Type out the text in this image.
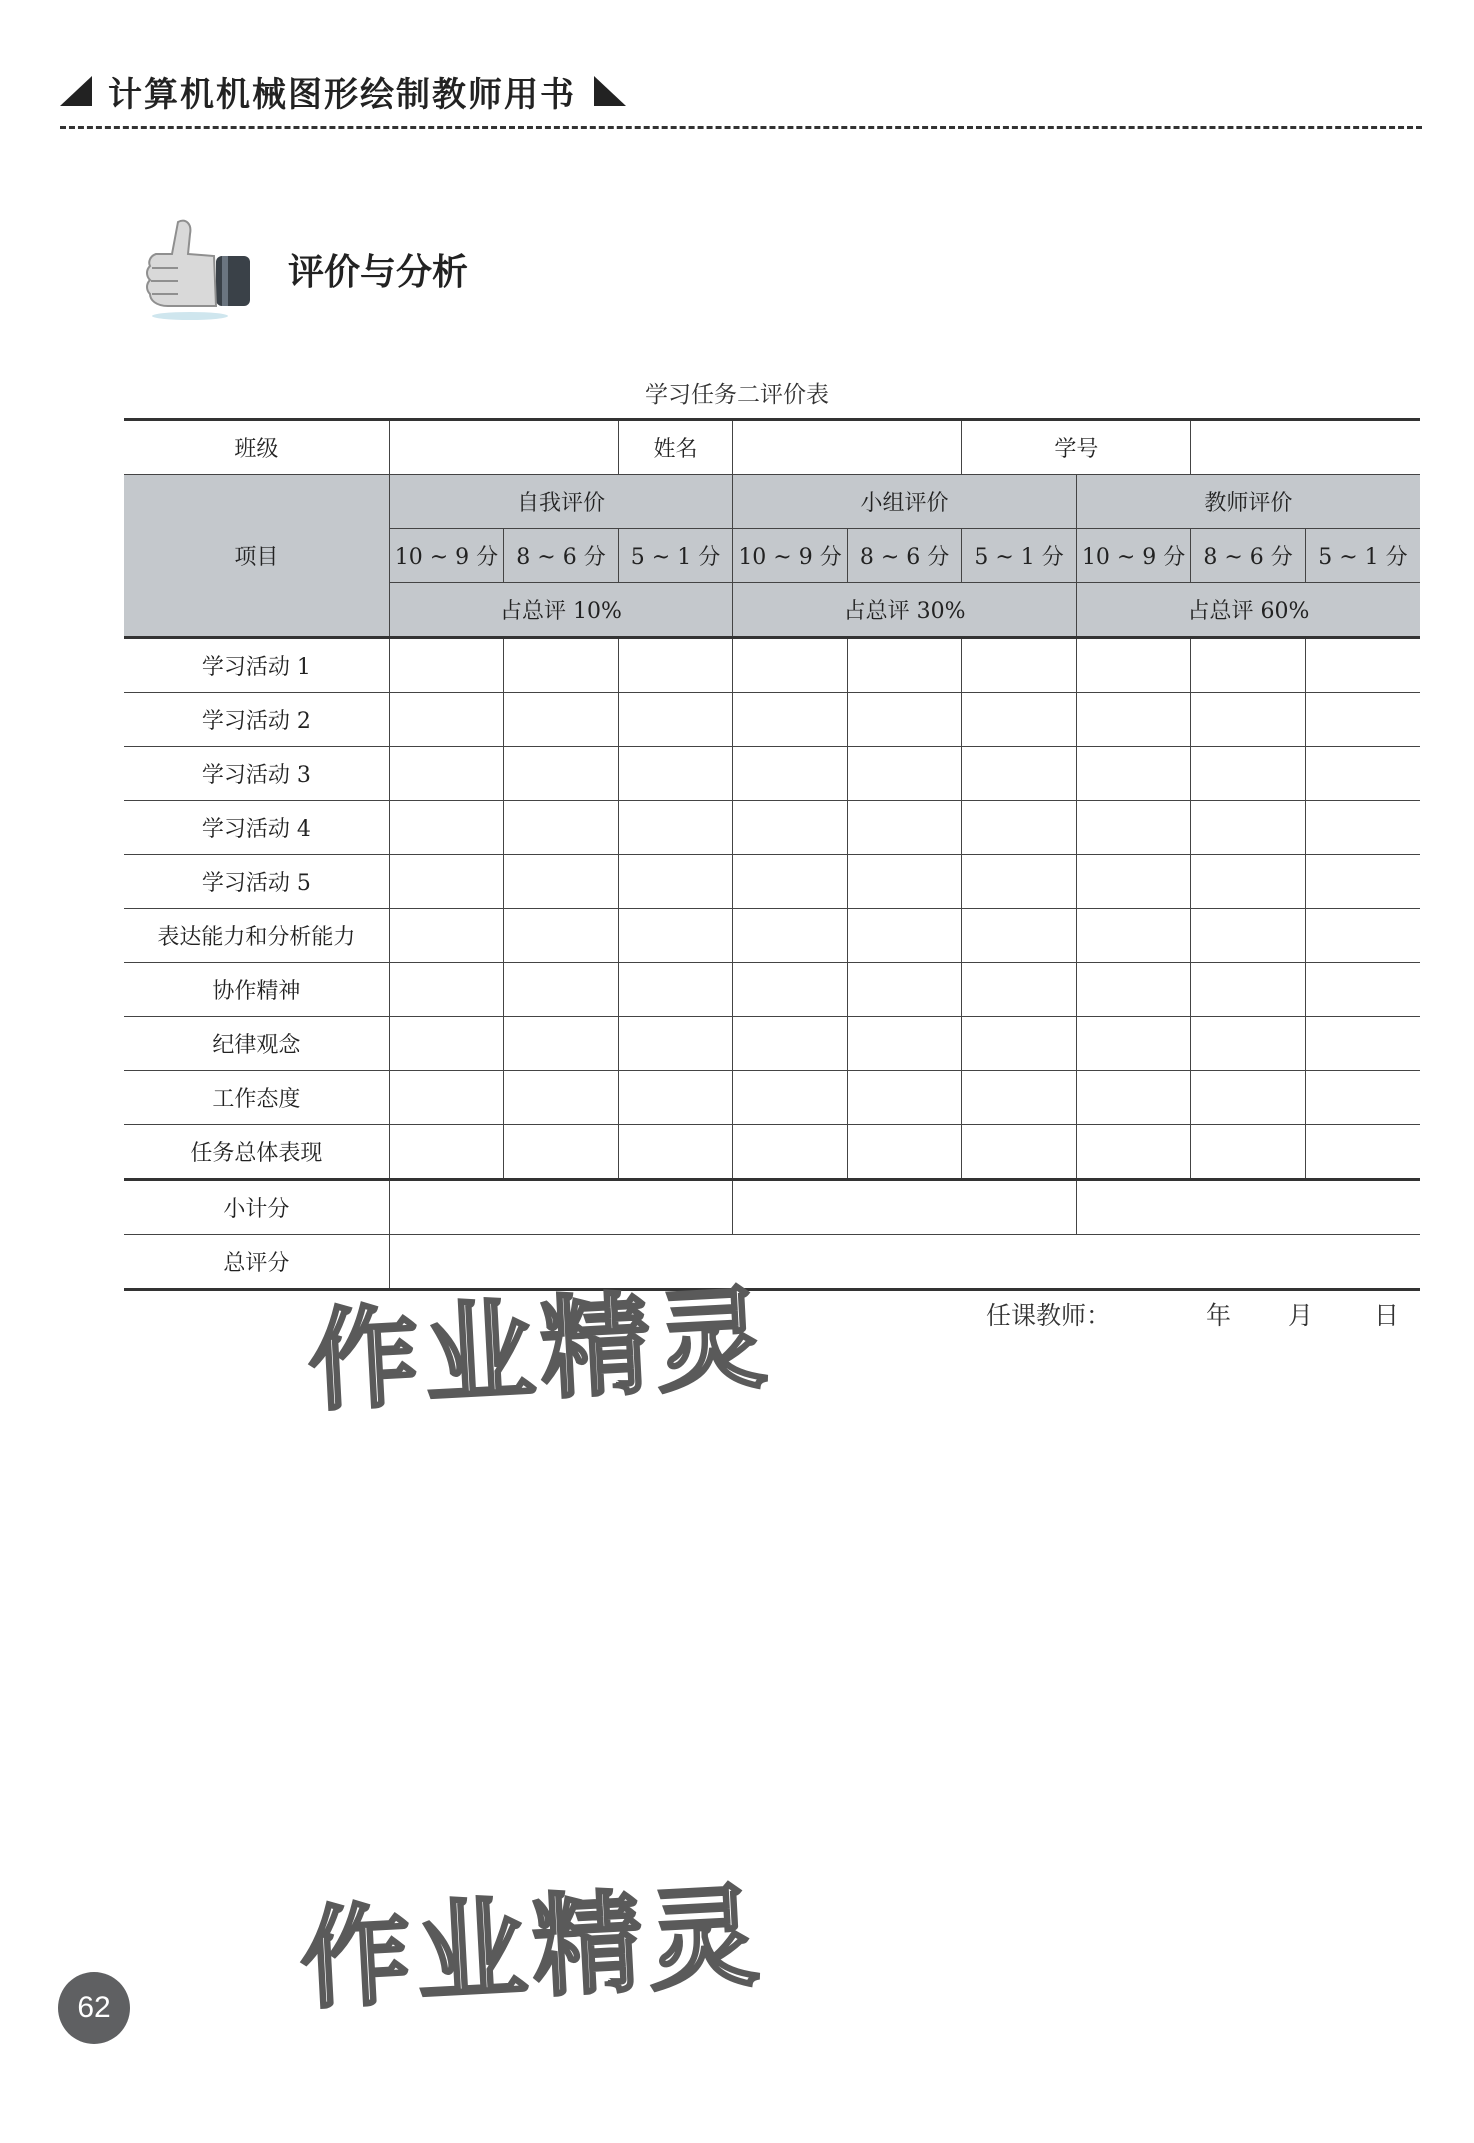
计算机机械图形绘制教师用书
评价与分析
学习任务二评价表
班级			姓名			学号			
项目	自我评价			小组评价			教师评价		
	10 ~ 9 分	8 ~ 6 分	5 ~ 1 分	10 ~ 9 分	8 ~ 6 分	5 ~ 1 分	10 ~ 9 分	8 ~ 6 分	5 ~ 1 分
	占总评 10%			占总评 30%			占总评 60%		
学习活动 1									
学习活动 2									
学习活动 3									
学习活动 4									
学习活动 5									
表达能力和分析能力									
协作精神									
纪律观念									
工作态度									
任务总体表现									
小计分									
总评分									
任课教师：	年	月	日
作业精灵
作业精灵
62
